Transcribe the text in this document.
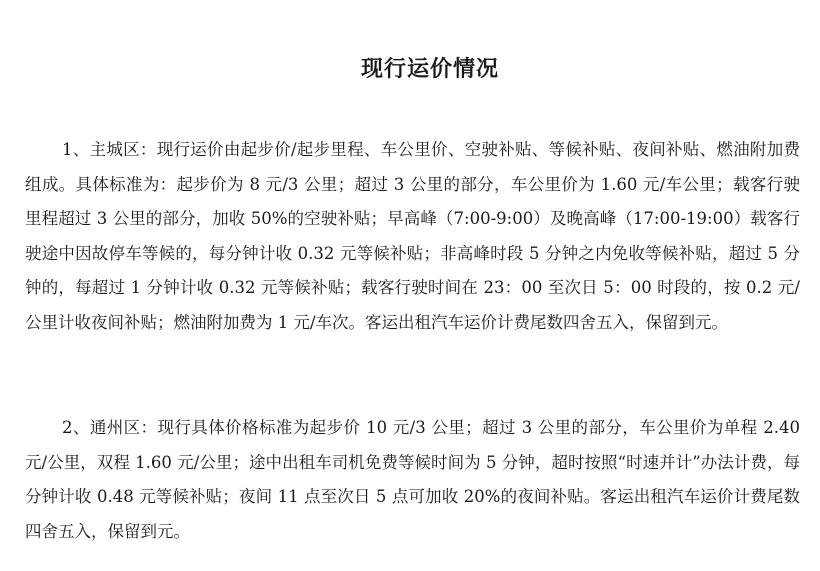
现行运价情况

1、主城区：现行运价由起步价/起步里程、车公里价、空驶补贴、等候补贴、夜间补贴、燃油附加费组成。具体标准为：起步价为 8 元/3 公里；超过 3 公里的部分，车公里价为 1.60 元/车公里；载客行驶里程超过 3 公里的部分，加收 50%的空驶补贴；早高峰（7:00-9:00）及晚高峰（17:00-19:00）载客行驶途中因故停车等候的，每分钟计收 0.32 元等候补贴；非高峰时段 5 分钟之内免收等候补贴，超过 5 分钟的，每超过 1 分钟计收 0.32 元等候补贴；载客行驶时间在 23：00 至次日 5：00 时段的，按 0.2 元/公里计收夜间补贴；燃油附加费为 1 元/车次。客运出租汽车运价计费尾数四舍五入，保留到元。

2、通州区：现行具体价格标准为起步价 10 元/3 公里；超过 3 公里的部分，车公里价为单程 2.40 元/公里，双程 1.60 元/公里；途中出租车司机免费等候时间为 5 分钟，超时按照“时速并计”办法计费，每分钟计收 0.48 元等候补贴；夜间 11 点至次日 5 点可加收 20%的夜间补贴。客运出租汽车运价计费尾数四舍五入，保留到元。
